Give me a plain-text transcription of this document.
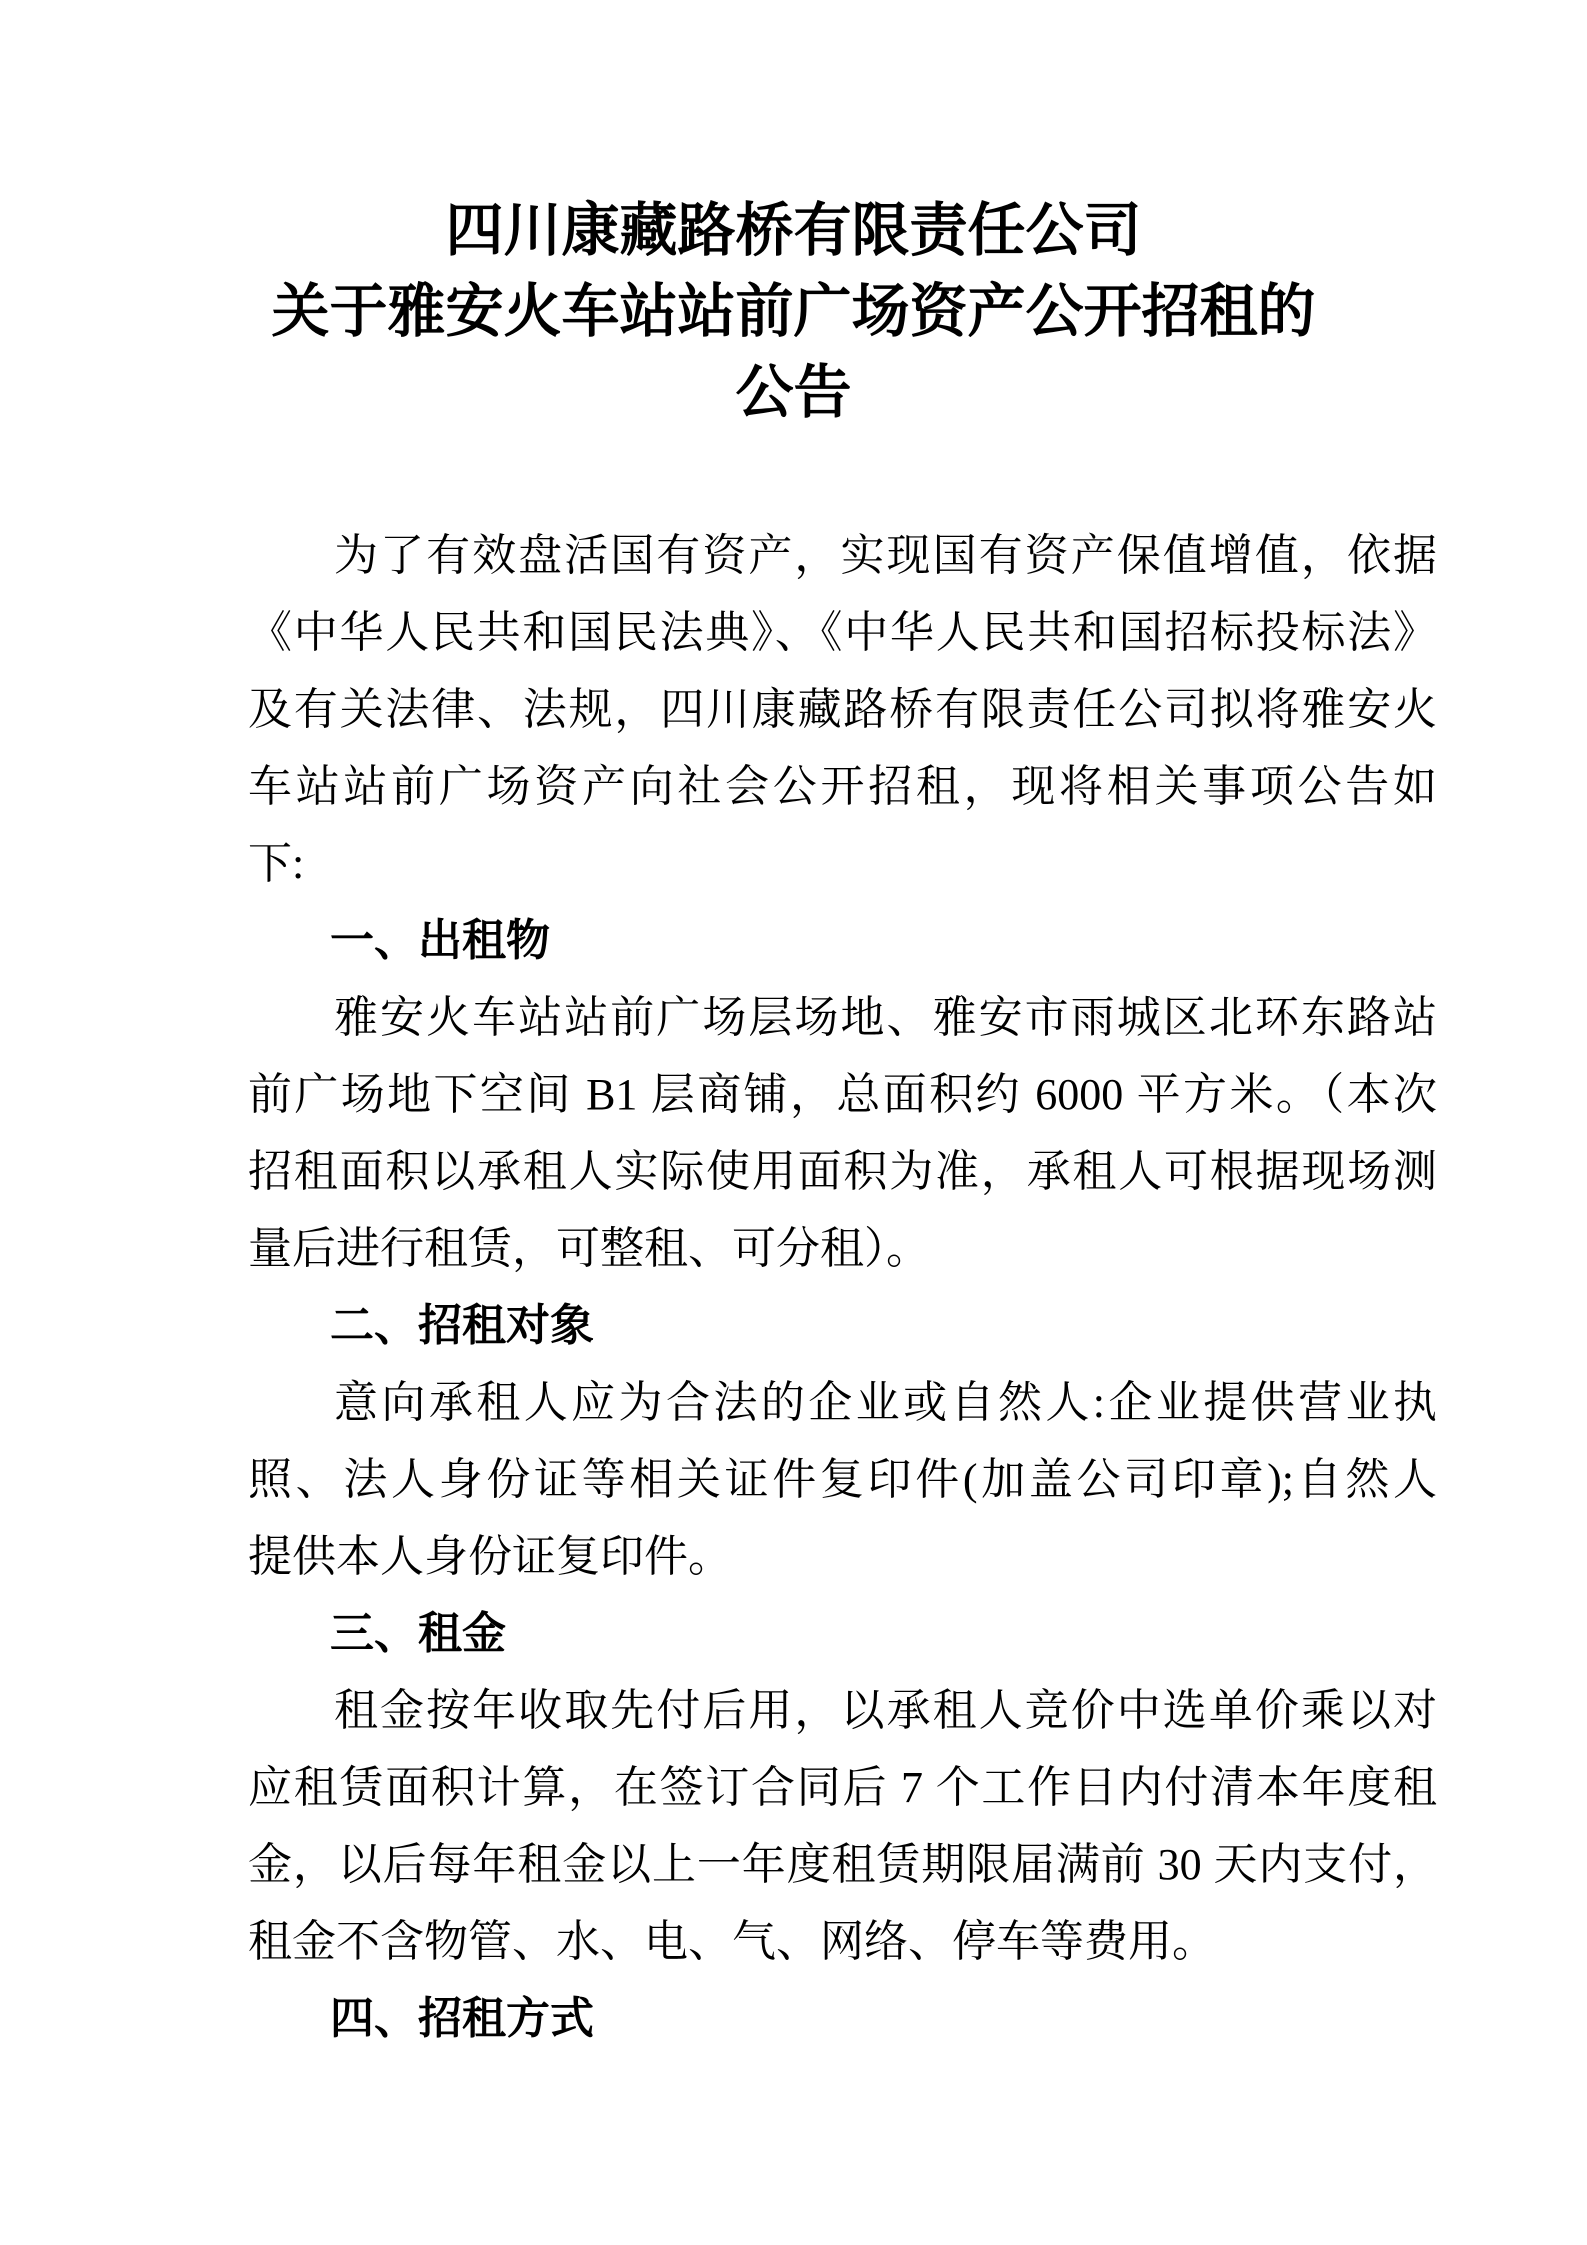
四川康藏路桥有限责任公司
关于雅安火车站站前广场资产公开招租的
公告
为了有效盘活国有资产，实现国有资产保值增值，依据
《中华人民共和国民法典》、《中华人民共和国招标投标法》
及有关法律、法规，四川康藏路桥有限责任公司拟将雅安火
车站站前广场资产向社会公开招租，现将相关事项公告如
下:
一、出租物
雅安火车站站前广场层场地、雅安市雨城区北环东路站
前广场地下空间 B1 层商铺，总面积约 6000 平方米。（本次
招租面积以承租人实际使用面积为准，承租人可根据现场测
量后进行租赁，可整租、可分租）。
二、招租对象
意向承租人应为合法的企业或自然人:企业提供营业执
照、法人身份证等相关证件复印件(加盖公司印章);自然人
提供本人身份证复印件。
三、租金
租金按年收取先付后用，以承租人竞价中选单价乘以对
应租赁面积计算，在签订合同后 7 个工作日内付清本年度租
金，以后每年租金以上一年度租赁期限届满前 30 天内支付，
租金不含物管、水、电、气、网络、停车等费用。
四、招租方式
